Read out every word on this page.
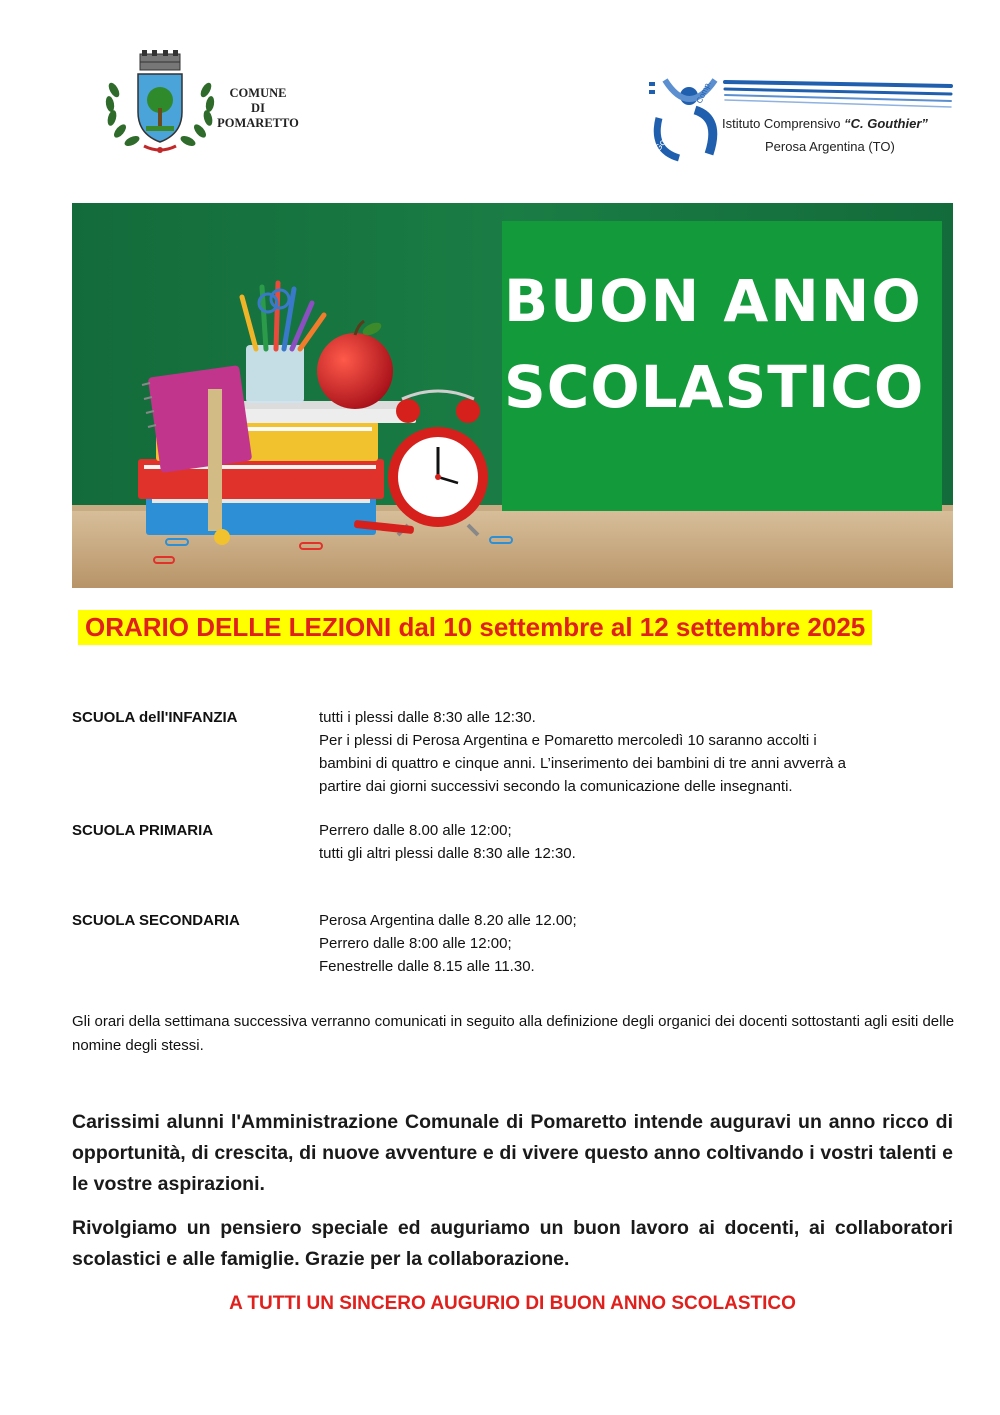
COMUNE
DI
POMARETTO	Gouthier
Comp.
Istituto Comprensivo “C. Gouthier”
Perosa Argentina (TO)
BUON ANNO
SCOLASTICO
ORARIO DELLE LEZIONI dal 10 settembre al 12 settembre 2025
SCUOLA dell'INFANZIA	tutti i plessi dalle 8:30 alle 12:30.
Per i plessi di Perosa Argentina e Pomaretto mercoledì 10 saranno accolti i
bambini di quattro e cinque anni. L’inserimento dei bambini di tre anni avverrà a
partire dai giorni successivi secondo la comunicazione delle insegnanti.
SCUOLA PRIMARIA	Perrero dalle 8.00 alle 12:00;
tutti gli altri plessi dalle 8:30 alle 12:30.
SCUOLA SECONDARIA	Perosa Argentina dalle 8.20 alle 12.00;
Perrero dalle 8:00 alle 12:00;
Fenestrelle dalle 8.15 alle 11.30.
Gli orari della settimana successiva verranno comunicati in seguito alla definizione degli organici dei docenti sottostanti agli esiti delle nomine degli stessi.
Carissimi alunni l'Amministrazione Comunale di Pomaretto intende auguravi un anno ricco di opportunità, di crescita, di nuove avventure e di vivere questo anno coltivando i vostri talenti e le vostre aspirazioni.
Rivolgiamo un pensiero speciale ed auguriamo un buon lavoro ai docenti, ai collaboratori scolastici e alle famiglie. Grazie per la collaborazione.
A TUTTI UN SINCERO AUGURIO DI BUON ANNO SCOLASTICO
